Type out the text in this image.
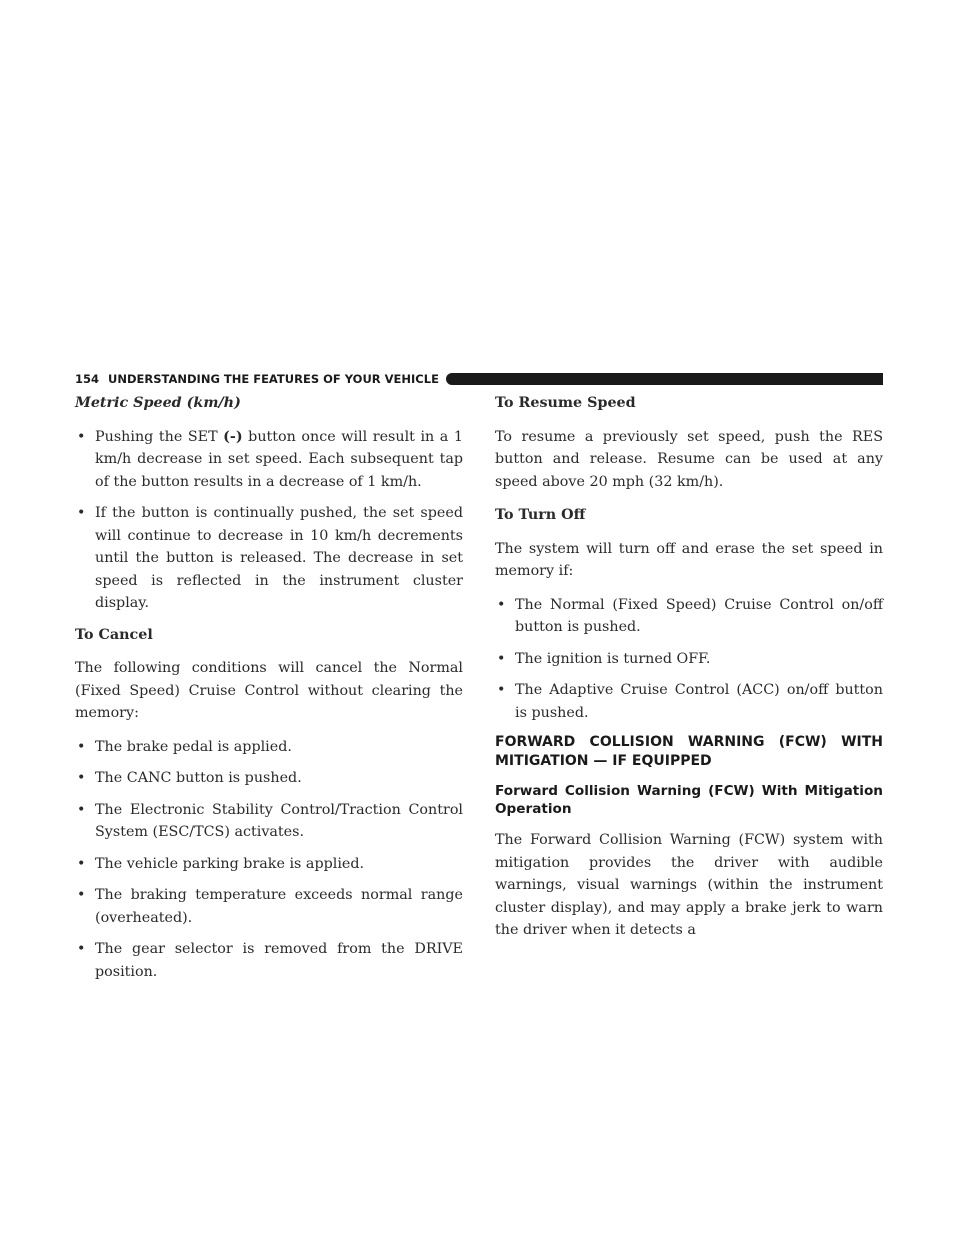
154 UNDERSTANDING THE FEATURES OF YOUR VEHICLE

Metric Speed (km/h)

• Pushing the SET (-) button once will result in a 1 km/h decrease in set speed. Each subsequent tap of the button results in a decrease of 1 km/h.
• If the button is continually pushed, the set speed will continue to decrease in 10 km/h decrements until the button is released. The decrease in set speed is reflected in the instrument cluster display.

To Cancel

The following conditions will cancel the Normal (Fixed Speed) Cruise Control without clearing the memory:

• The brake pedal is applied.
• The CANC button is pushed.
• The Electronic Stability Control/Traction Control System (ESC/TCS) activates.
• The vehicle parking brake is applied.
• The braking temperature exceeds normal range (overheated).
• The gear selector is removed from the DRIVE position.

To Resume Speed

To resume a previously set speed, push the RES button and release. Resume can be used at any speed above 20 mph (32 km/h).

To Turn Off

The system will turn off and erase the set speed in memory if:

• The Normal (Fixed Speed) Cruise Control on/off button is pushed.
• The ignition is turned OFF.
• The Adaptive Cruise Control (ACC) on/off button is pushed.

FORWARD COLLISION WARNING (FCW) WITH MITIGATION — IF EQUIPPED

Forward Collision Warning (FCW) With Mitigation Operation

The Forward Collision Warning (FCW) system with mitigation provides the driver with audible warnings, visual warnings (within the instrument cluster display), and may apply a brake jerk to warn the driver when it detects a
